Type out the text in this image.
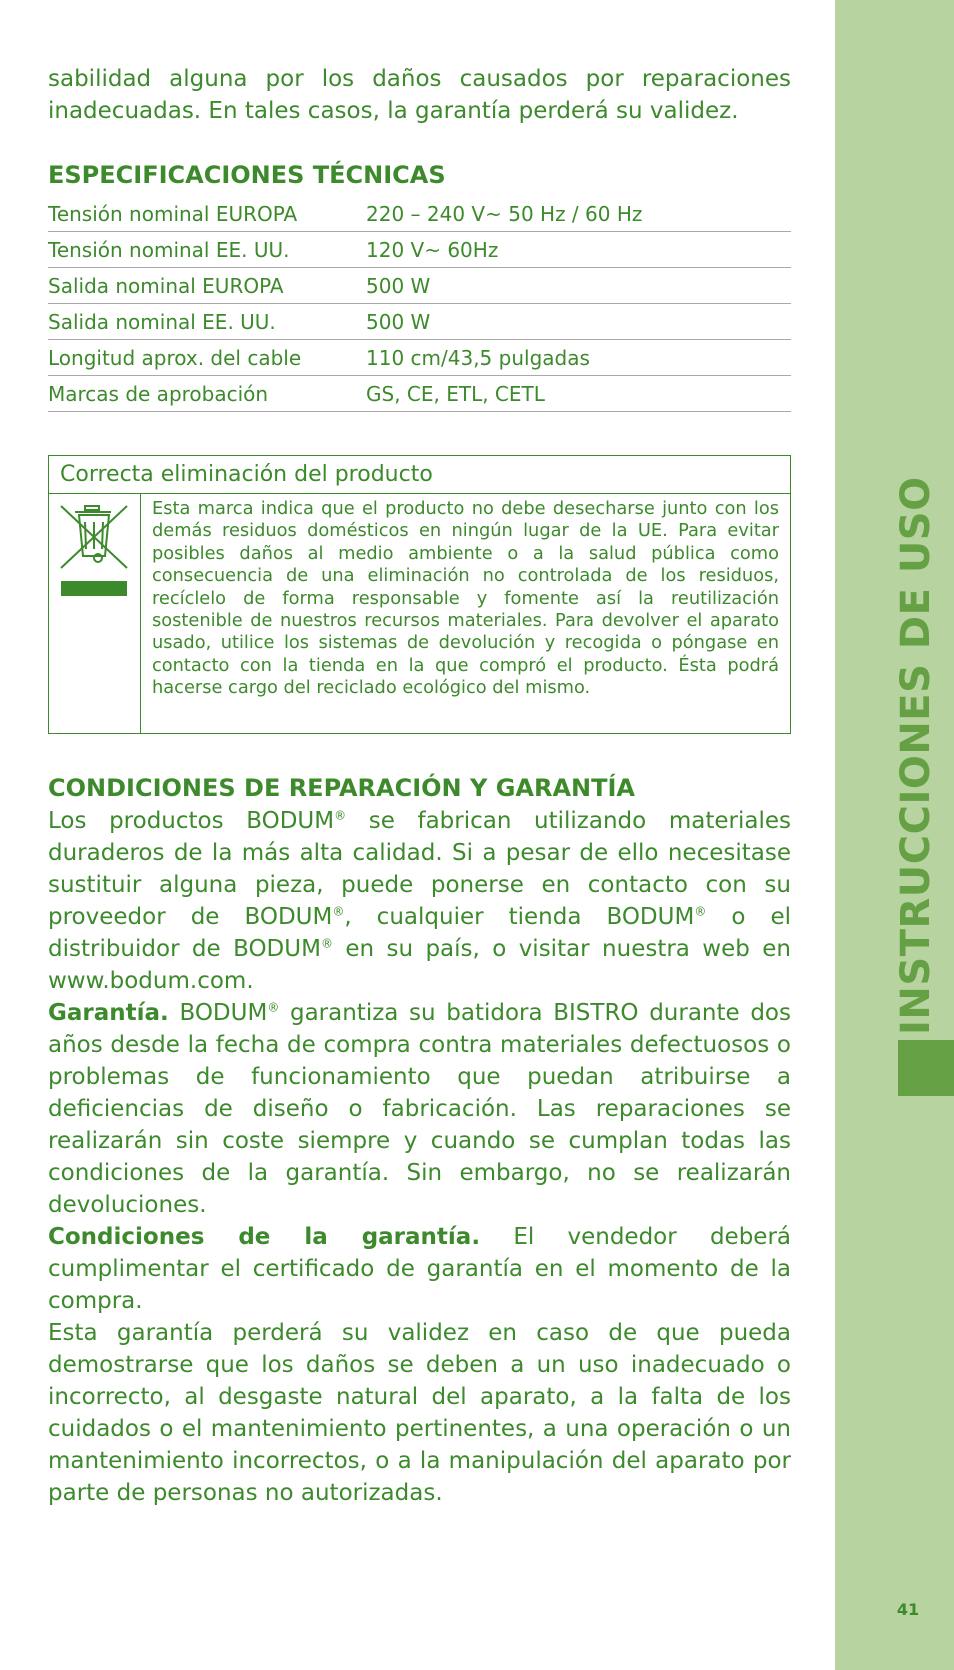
INSTRUCCIONES DE USO
41

sabilidad alguna por los daños causados por reparaciones inadecuadas. En tales casos, la garantía perderá su validez.

ESPECIFICACIONES TÉCNICAS
Tensión nominal EUROPA	220 – 240 V~ 50 Hz / 60 Hz
Tensión nominal EE. UU.	120 V~ 60Hz
Salida nominal EUROPA	500 W
Salida nominal EE. UU.	500 W
Longitud aprox. del cable	110 cm/43,5 pulgadas
Marcas de aprobación	GS, CE, ETL, CETL
Correcta eliminación del producto
Esta marca indica que el producto no debe desecharse junto con los demás residuos domésticos en ningún lugar de la UE. Para evitar posibles daños al medio ambiente o a la salud pública como consecuencia de una eliminación no controlada de los residuos, recíclelo de forma responsable y fomente así la reutilización sostenible de nuestros recursos materiales. Para devolver el aparato usado, utilice los sistemas de devolución y recogida o póngase en contacto con la tienda en la que compró el producto. Ésta podrá hacerse cargo del reciclado ecológico del mismo.
CONDICIONES DE REPARACIÓN Y GARANTÍA

Los productos BODUM® se fabrican utilizando materiales duraderos de la más alta calidad. Si a pesar de ello necesitase sustituir alguna pieza, puede ponerse en contacto con su proveedor de BODUM®, cualquier tienda BODUM® o el distribuidor de BODUM® en su país, o visitar nuestra web en www.bodum.com.

Garantía. BODUM® garantiza su batidora BISTRO durante dos años desde la fecha de compra contra materiales defectuosos o problemas de funcionamiento que puedan atribuirse a deficiencias de diseño o fabricación. Las reparaciones se realizarán sin coste siempre y cuando se cumplan todas las condiciones de la garantía. Sin embargo, no se realizarán devoluciones.

Condiciones de la garantía. El vendedor deberá cumplimentar el certificado de garantía en el momento de la compra.

Esta garantía perderá su validez en caso de que pueda demostrarse que los daños se deben a un uso inadecuado o incorrecto, al desgaste natural del aparato, a la falta de los cuidados o el mantenimiento pertinentes, a una operación o un mantenimiento incorrectos, o a la manipulación del aparato por parte de personas no autorizadas.
